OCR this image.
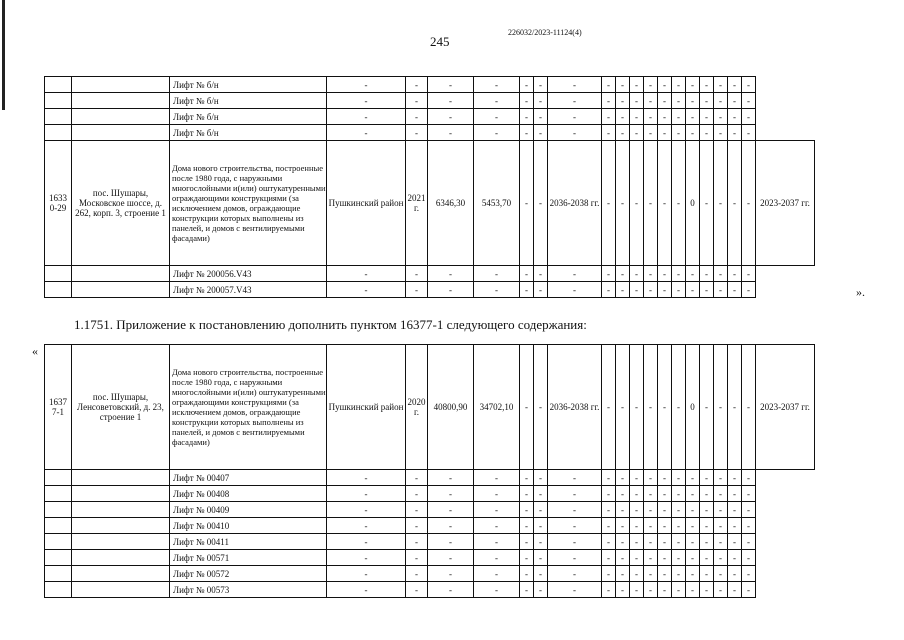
226032/2023-11124(4)
245
		Лифт № б/н	-	-	-	-	-	-	-	-	-	-	-	-	-	-	-	-	-	-	
		Лифт № б/н	-	-	-	-	-	-	-	-	-	-	-	-	-	-	-	-	-	-	
		Лифт № б/н	-	-	-	-	-	-	-	-	-	-	-	-	-	-	-	-	-	-	
		Лифт № б/н	-	-	-	-	-	-	-	-	-	-	-	-	-	-	-	-	-	-	
1633 0-29	пос. Шушары, Московское шоссе, д. 262, корп. 3, строение 1	Дома нового строительства, построенные после 1980 года, с наружными многослойными и(или) оштукатуренными ограждающими конструкциями (за исключением домов, ограждающие конструкции которых выполнены из панелей, и домов с вентилируемыми фасадами)	Пушкинский район	2021 г.	6346,30	5453,70	-	-	2036-2038 гг.	-	-	-	-	-	-	0	-	-	-	-	2023-2037 гг.
		Лифт № 200056.V43	-	-	-	-	-	-	-	-	-	-	-	-	-	-	-	-	-	-	
		Лифт № 200057.V43	-	-	-	-	-	-	-	-	-	-	-	-	-	-	-	-	-	-		».
1.1751. Приложение к постановлению дополнить пунктом 16377-1 следующего содержания:
«
1637 7-1	пос. Шушары, Ленсоветовский, д. 23, строение 1	Дома нового строительства, построенные после 1980 года, с наружными многослойными и(или) оштукатуренными ограждающими конструкциями (за исключением домов, ограждающие конструкции которых выполнены из панелей, и домов с вентилируемыми фасадами)	Пушкинский район	2020 г.	40800,90	34702,10	-	-	2036-2038 гг.	-	-	-	-	-	-	0	-	-	-	-	2023-2037 гг.
		Лифт № 00407	-	-	-	-	-	-	-	-	-	-	-	-	-	-	-	-	-	-	
		Лифт № 00408	-	-	-	-	-	-	-	-	-	-	-	-	-	-	-	-	-	-	
		Лифт № 00409	-	-	-	-	-	-	-	-	-	-	-	-	-	-	-	-	-	-	
		Лифт № 00410	-	-	-	-	-	-	-	-	-	-	-	-	-	-	-	-	-	-	
		Лифт № 00411	-	-	-	-	-	-	-	-	-	-	-	-	-	-	-	-	-	-	
		Лифт № 00571	-	-	-	-	-	-	-	-	-	-	-	-	-	-	-	-	-	-	
		Лифт № 00572	-	-	-	-	-	-	-	-	-	-	-	-	-	-	-	-	-	-	
		Лифт № 00573	-	-	-	-	-	-	-	-	-	-	-	-	-	-	-	-	-	-	
